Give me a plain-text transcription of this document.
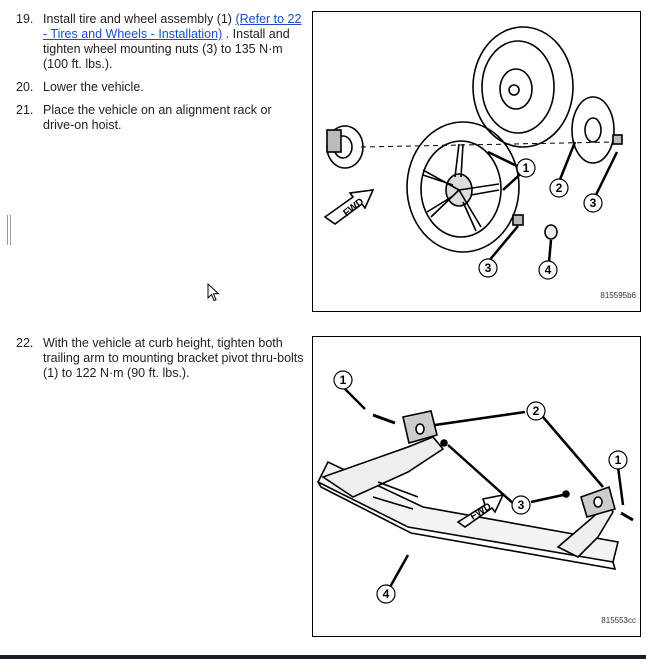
19. Install tire and wheel assembly (1) (Refer to 22 - Tires and Wheels - Installation) . Install and tighten wheel mounting nuts (3) to 135 N·m (100 ft. lbs.).
20. Lower the vehicle.
21. Place the vehicle on an alignment rack or drive-on hoist.
22. With the vehicle at curb height, tighten both trailing arm to mounting bracket pivot thru-bolts (1) to 122 N·m (90 ft. lbs.).
FWD
1
2
3
3	4
815595b6
FWD
1
1
2
3
4
815553cc
